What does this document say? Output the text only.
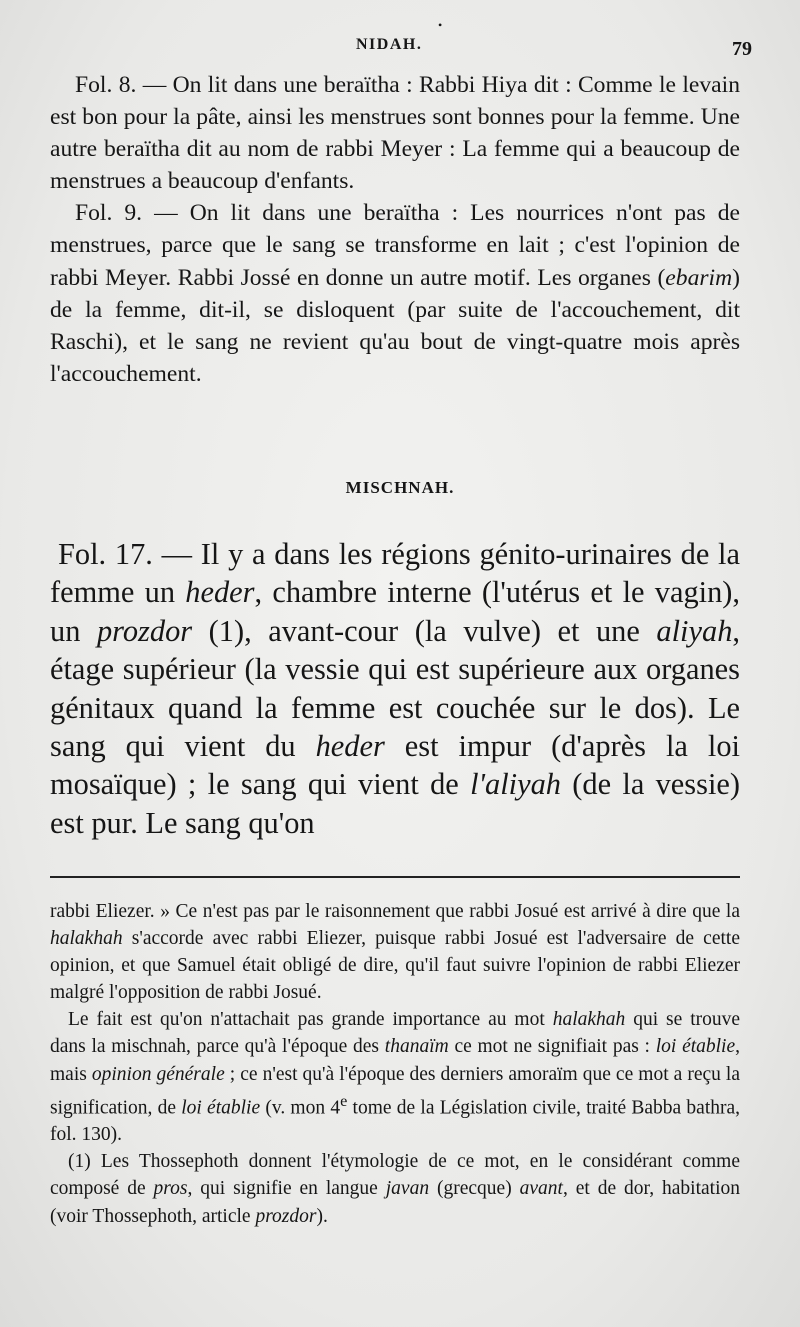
•
NIDAH.	79

Fol. 8. — On lit dans une beraïtha : Rabbi Hiya dit : Comme le levain est bon pour la pâte, ainsi les menstrues sont bonnes pour la femme. Une autre beraïtha dit au nom de rabbi Meyer : La femme qui a beaucoup de menstrues a beaucoup d'enfants.

Fol. 9. — On lit dans une beraïtha : Les nourrices n'ont pas de menstrues, parce que le sang se transforme en lait ; c'est l'opinion de rabbi Meyer. Rabbi Jossé en donne un autre motif. Les organes (ebarim) de la femme, dit-il, se disloquent (par suite de l'accouchement, dit Raschi), et le sang ne revient qu'au bout de vingt-quatre mois après l'accouchement.

MISCHNAH.

Fol. 17. — Il y a dans les régions génito-urinaires de la femme un heder, chambre interne (l'utérus et le vagin), un prozdor (1), avant-cour (la vulve) et une aliyah, étage supérieur (la vessie qui est supérieure aux organes génitaux quand la femme est couchée sur le dos). Le sang qui vient du heder est impur (d'après la loi mosaïque) ; le sang qui vient de l'aliyah (de la vessie) est pur. Le sang qu'on

rabbi Eliezer. » Ce n'est pas par le raisonnement que rabbi Josué est arrivé à dire que la halakhah s'accorde avec rabbi Eliezer, puisque rabbi Josué est l'adversaire de cette opinion, et que Samuel était obligé de dire, qu'il faut suivre l'opinion de rabbi Eliezer malgré l'opposition de rabbi Josué.

Le fait est qu'on n'attachait pas grande importance au mot halakhah qui se trouve dans la mischnah, parce qu'à l'époque des thanaïm ce mot ne signifiait pas : loi établie, mais opinion générale ; ce n'est qu'à l'époque des derniers amoraïm que ce mot a reçu la signification, de loi établie (v. mon 4e tome de la Législation civile, traité Babba bathra, fol. 130).

(1) Les Thossephoth donnent l'étymologie de ce mot, en le considérant comme composé de pros, qui signifie en langue javan (grecque) avant, et de dor, habitation (voir Thossephoth, article prozdor).
